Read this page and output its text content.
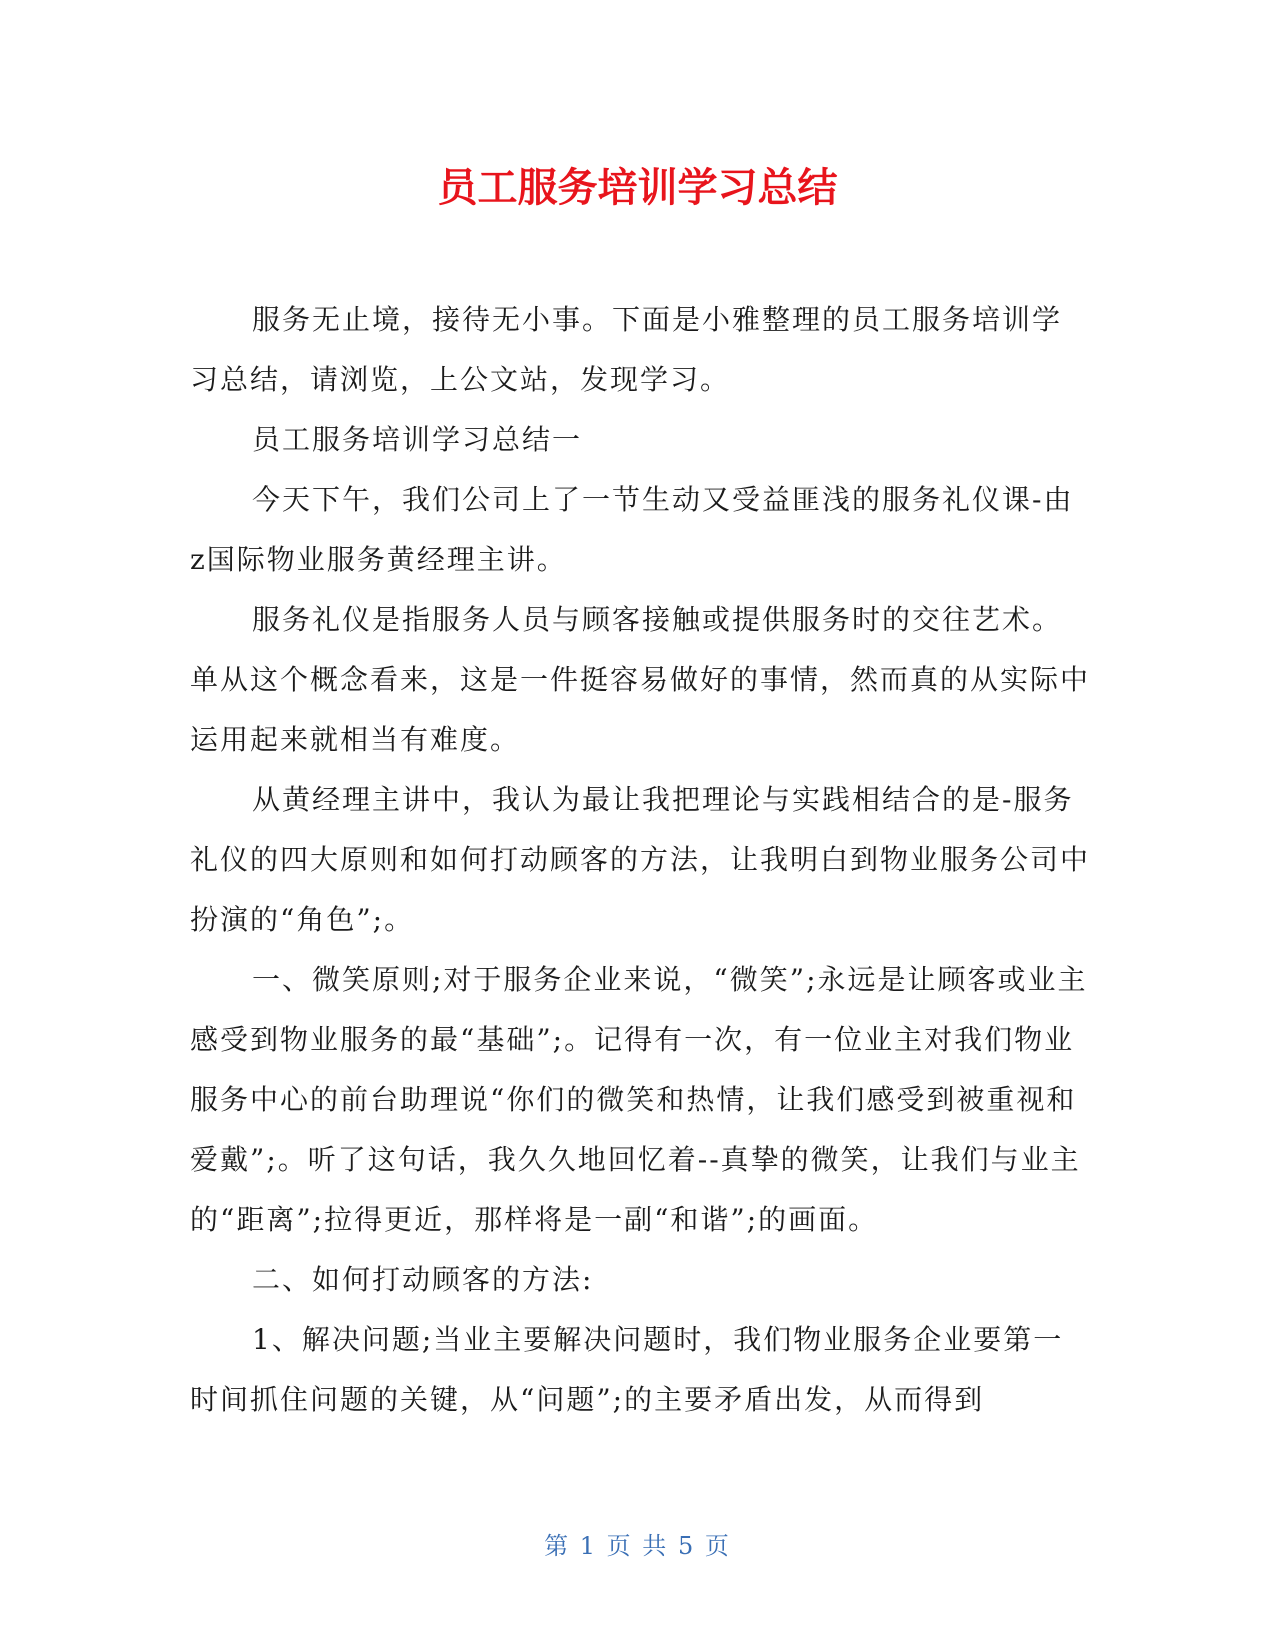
员工服务培训学习总结

服务无止境，接待无小事。下面是小雅整理的员工服务培训学习总结，请浏览，上公文站，发现学习。

员工服务培训学习总结一

今天下午，我们公司上了一节生动又受益匪浅的服务礼仪课-由z国际物业服务黄经理主讲。

服务礼仪是指服务人员与顾客接触或提供服务时的交往艺术。单从这个概念看来，这是一件挺容易做好的事情，然而真的从实际中运用起来就相当有难度。

从黄经理主讲中，我认为最让我把理论与实践相结合的是-服务礼仪的四大原则和如何打动顾客的方法，让我明白到物业服务公司中扮演的“角色”;。

一、微笑原则;对于服务企业来说，“微笑”;永远是让顾客或业主感受到物业服务的最“基础”;。记得有一次，有一位业主对我们物业服务中心的前台助理说“你们的微笑和热情，让我们感受到被重视和爱戴”;。听了这句话，我久久地回忆着--真挚的微笑，让我们与业主的“距离”;拉得更近，那样将是一副“和谐”;的画面。

二、如何打动顾客的方法:

1、解决问题;当业主要解决问题时，我们物业服务企业要第一时间抓住问题的关键，从“问题”;的主要矛盾出发，从而得到

第 1 页 共 5 页
